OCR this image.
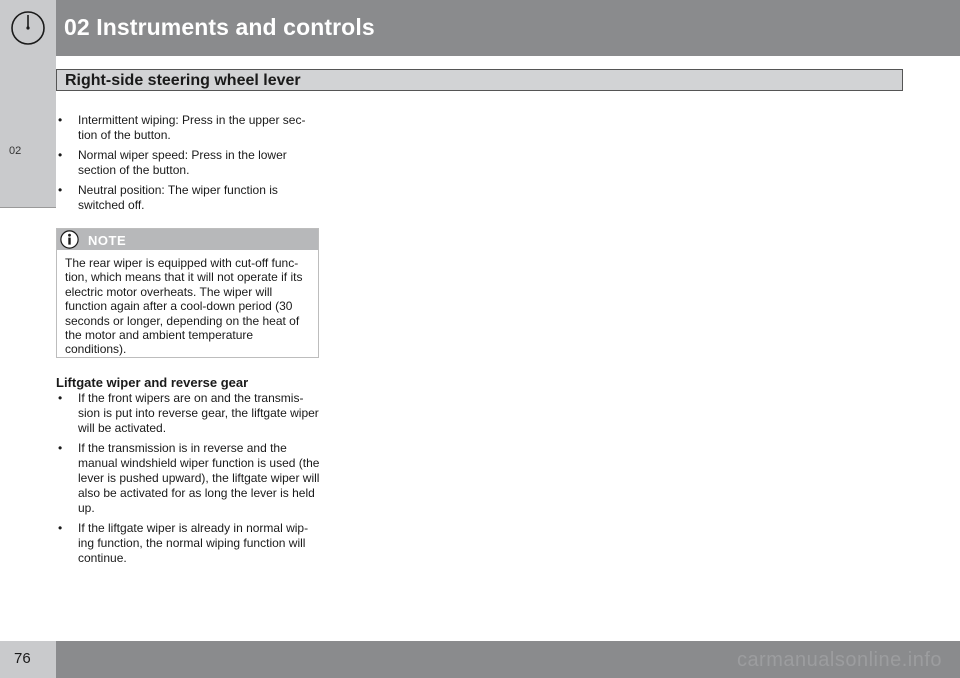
02 Instruments and controls
02
Right-side steering wheel lever
• Intermittent wiping: Press in the upper sec-tion of the button.
• Normal wiper speed: Press in the lower section of the button.
• Neutral position: The wiper function is switched off.
NOTE
The rear wiper is equipped with cut-off func-tion, which means that it will not operate if its electric motor overheats. The wiper will function again after a cool-down period (30 seconds or longer, depending on the heat of the motor and ambient temperature conditions).
Liftgate wiper and reverse gear
• If the front wipers are on and the transmis-sion is put into reverse gear, the liftgate wiper will be activated.
• If the transmission is in reverse and the manual windshield wiper function is used (the lever is pushed upward), the liftgate wiper will also be activated for as long the lever is held up.
• If the liftgate wiper is already in normal wip-ing function, the normal wiping function will continue.
76	carmanualsonline.info
